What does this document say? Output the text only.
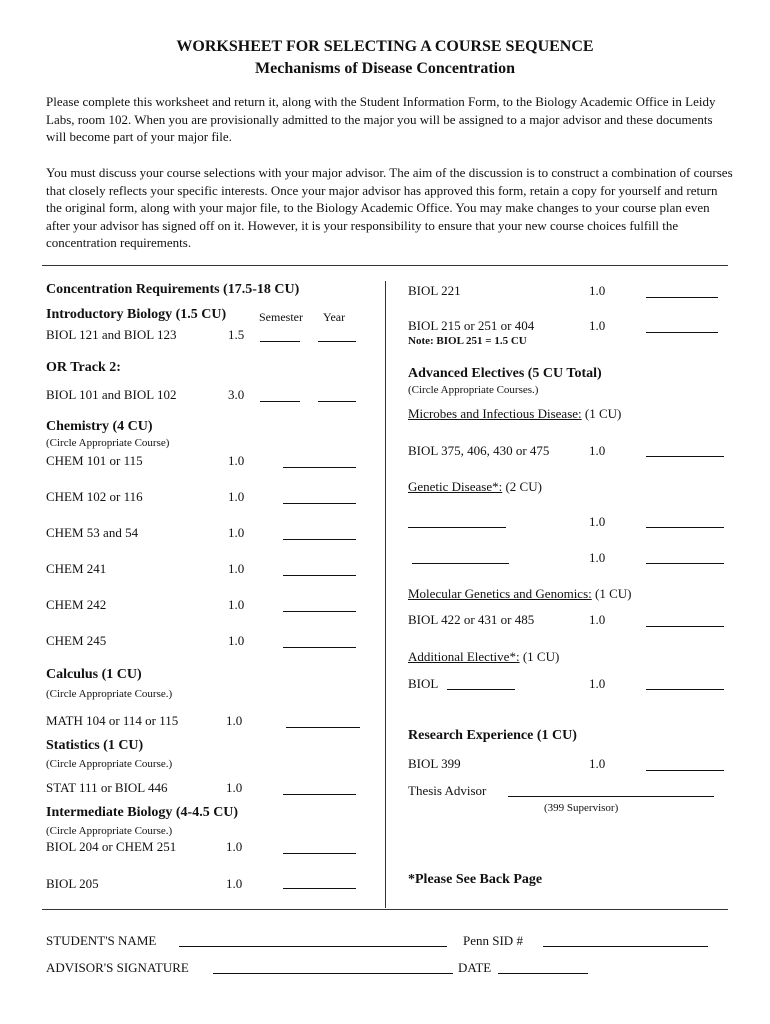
WORKSHEET FOR SELECTING A COURSE SEQUENCE
Mechanisms of Disease Concentration
Please complete this worksheet and return it, along with the Student Information Form, to the Biology Academic Office in Leidy Labs, room 102. When you are provisionally admitted to the major you will be assigned to a major advisor and these documents will become part of your major file.
You must discuss your course selections with your major advisor. The aim of the discussion is to construct a combination of courses that closely reflects your specific interests. Once your major advisor has approved this form, retain a copy for yourself and return the original form, along with your major file, to the Biology Academic Office. You may make changes to your course plan even after your advisor has signed off on it. However, it is your responsibility to ensure that your new course choices fulfill the concentration requirements.
Concentration Requirements (17.5-18 CU)
Introductory Biology (1.5 CU)	Semester Year
BIOL 121 and BIOL 123	1.5
OR Track 2:
BIOL 101 and BIOL 102	3.0
Chemistry (4 CU)
(Circle Appropriate Course)
CHEM 101 or 115	1.0
CHEM 102 or 116	1.0
CHEM 53 and 54	1.0
CHEM 241	1.0
CHEM 242	1.0
CHEM 245	1.0
Calculus (1 CU)
(Circle Appropriate Course.)
MATH 104 or 114 or 115	1.0
Statistics (1 CU)
(Circle Appropriate Course.)
STAT 111 or BIOL 446	1.0
Intermediate Biology (4-4.5 CU)
(Circle Appropriate Course.)
BIOL 204 or CHEM 251	1.0
BIOL 205	1.0
BIOL 221	1.0
BIOL 215 or 251 or 404	1.0
Note: BIOL 251 = 1.5 CU
Advanced Electives (5 CU Total)
(Circle Appropriate Courses.)
Microbes and Infectious Disease: (1 CU)
BIOL 375, 406, 430 or 475	1.0
Genetic Disease*: (2 CU)
1.0
1.0
Molecular Genetics and Genomics: (1 CU)
BIOL 422 or 431 or 485	1.0
Additional Elective*: (1 CU)
BIOL	1.0
Research Experience (1 CU)
BIOL 399	1.0
Thesis Advisor
(399 Supervisor)
*Please See Back Page
STUDENT'S NAME	Penn SID #
ADVISOR'S SIGNATURE	DATE
